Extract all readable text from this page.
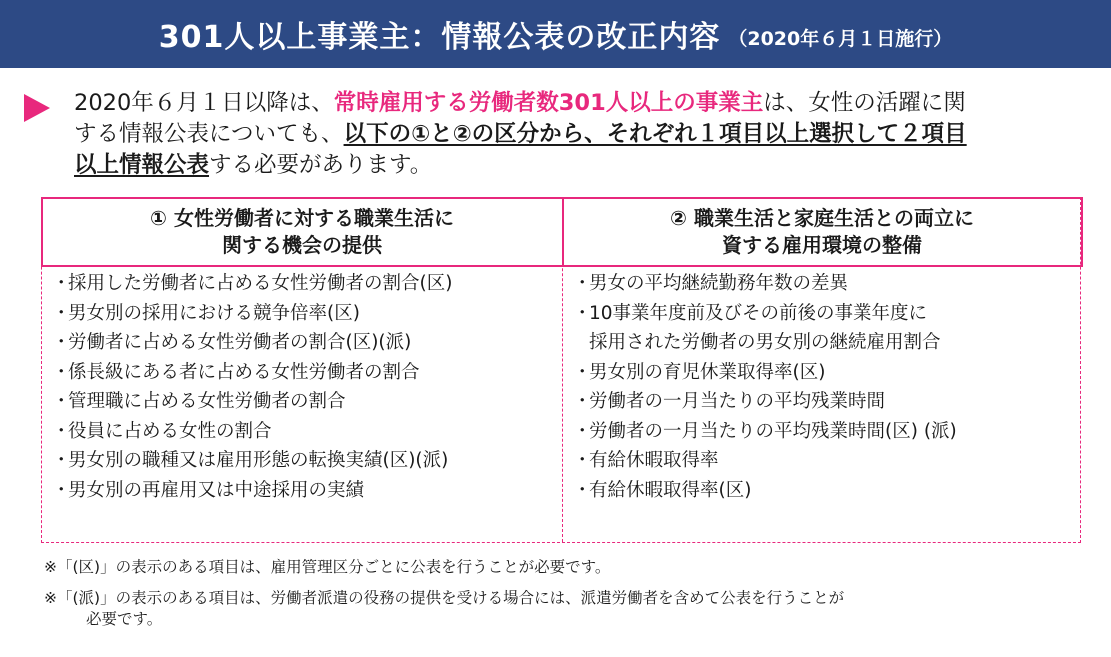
301人以上事業主：情報公表の改正内容 （2020年６月１日施行）
2020年６月１日以降は、常時雇用する労働者数301人以上の事業主は、女性の活躍に関
する情報公表についても、以下の①と②の区分から、それぞれ１項目以上選択して２項目
以上情報公表する必要があります。
① 女性労働者に対する職業生活に
関する機会の提供
・
採用した労働者に占める女性労働者の割合(区)
・
男女別の採用における競争倍率(区)
・
労働者に占める女性労働者の割合(区)(派)
・
係長級にある者に占める女性労働者の割合
・
管理職に占める女性労働者の割合
・
役員に占める女性の割合
・
男女別の職種又は雇用形態の転換実績(区)(派)
・
男女別の再雇用又は中途採用の実績
② 職業生活と家庭生活との両立に
資する雇用環境の整備
・
男女の平均継続勤務年数の差異
・
10事業年度前及びその前後の事業年度に
採用された労働者の男女別の継続雇用割合
・
男女別の育児休業取得率(区)
・
労働者の一月当たりの平均残業時間
・
労働者の一月当たりの平均残業時間(区) (派)
・
有給休暇取得率
・
有給休暇取得率(区)

※「(区)」の表示のある項目は、雇用管理区分ごとに公表を行うことが必要です。

※「(派)」の表示のある項目は、労働者派遣の役務の提供を受ける場合には、派遣労働者を含めて公表を行うことが
必要です。
